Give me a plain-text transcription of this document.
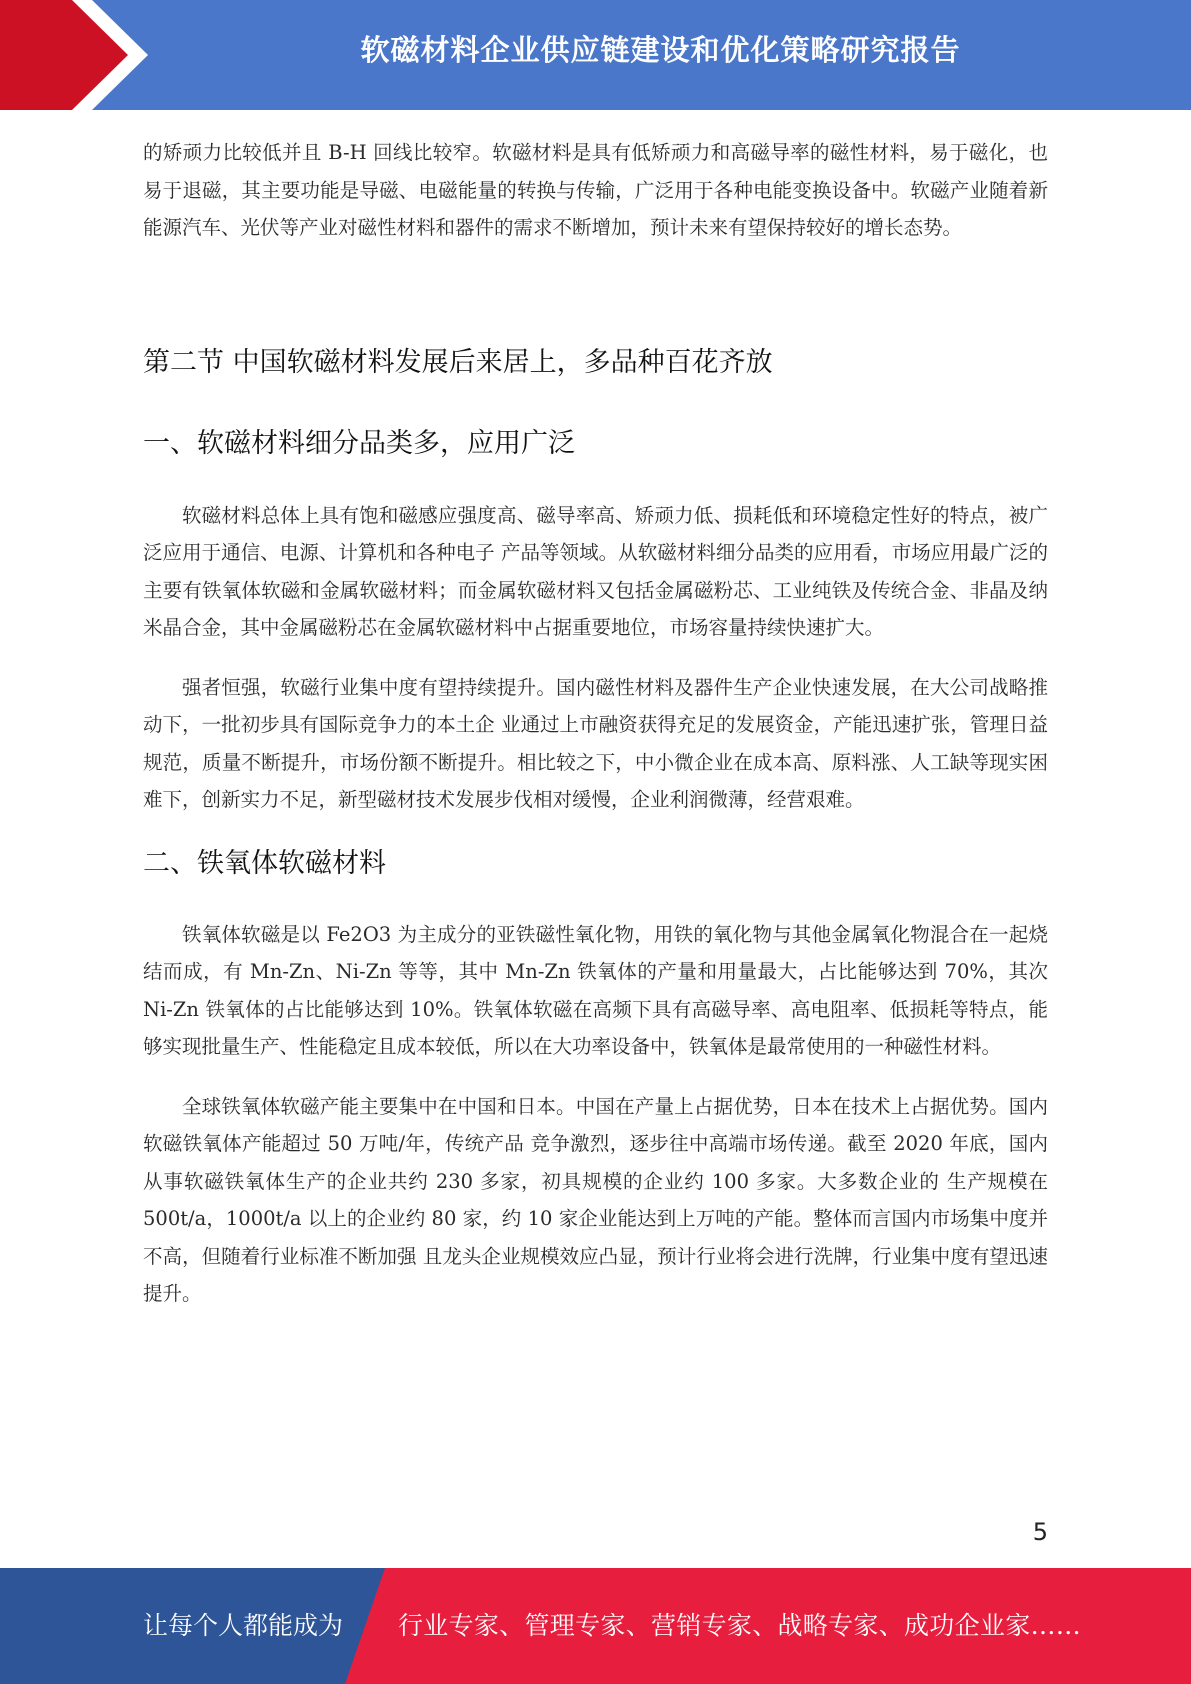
软磁材料企业供应链建设和优化策略研究报告

的矫顽力比较低并且 B-H 回线比较窄。软磁材料是具有低矫顽力和高磁导率的磁性材料，易于磁化，也易于退磁，其主要功能是导磁、电磁能量的转换与传输，广泛用于各种电能变换设备中。软磁产业随着新能源汽车、光伏等产业对磁性材料和器件的需求不断增加，预计未来有望保持较好的增长态势。

第二节 中国软磁材料发展后来居上，多品种百花齐放
一、软磁材料细分品类多，应用广泛

软磁材料总体上具有饱和磁感应强度高、磁导率高、矫顽力低、损耗低和环境稳定性好的特点，被广泛应用于通信、电源、计算机和各种电子 产品等领域。从软磁材料细分品类的应用看，市场应用最广泛的主要有铁氧体软磁和金属软磁材料；而金属软磁材料又包括金属磁粉芯、工业纯铁及传统合金、非晶及纳米晶合金，其中金属磁粉芯在金属软磁材料中占据重要地位，市场容量持续快速扩大。

强者恒强，软磁行业集中度有望持续提升。国内磁性材料及器件生产企业快速发展，在大公司战略推动下，一批初步具有国际竞争力的本土企 业通过上市融资获得充足的发展资金，产能迅速扩张，管理日益规范，质量不断提升，市场份额不断提升。相比较之下，中小微企业在成本高、原料涨、人工缺等现实困难下，创新实力不足，新型磁材技术发展步伐相对缓慢，企业利润微薄，经营艰难。

二、铁氧体软磁材料

铁氧体软磁是以 Fe2O3 为主成分的亚铁磁性氧化物，用铁的氧化物与其他金属氧化物混合在一起烧结而成，有 Mn-Zn、Ni-Zn 等等，其中 Mn-Zn 铁氧体的产量和用量最大，占比能够达到 70%，其次 Ni-Zn 铁氧体的占比能够达到 10%。铁氧体软磁在高频下具有高磁导率、高电阻率、低损耗等特点，能够实现批量生产、性能稳定且成本较低，所以在大功率设备中，铁氧体是最常使用的一种磁性材料。

全球铁氧体软磁产能主要集中在中国和日本。中国在产量上占据优势，日本在技术上占据优势。国内软磁铁氧体产能超过 50 万吨/年，传统产品 竞争激烈，逐步往中高端市场传递。截至 2020 年底，国内从事软磁铁氧体生产的企业共约 230 多家，初具规模的企业约 100 多家。大多数企业的 生产规模在 500t/a，1000t/a 以上的企业约 80 家，约 10 家企业能达到上万吨的产能。整体而言国内市场集中度并不高，但随着行业标准不断加强 且龙头企业规模效应凸显，预计行业将会进行洗牌，行业集中度有望迅速提升。

5
让每个人都能成为 行业专家、管理专家、营销专家、战略专家、成功企业家……
